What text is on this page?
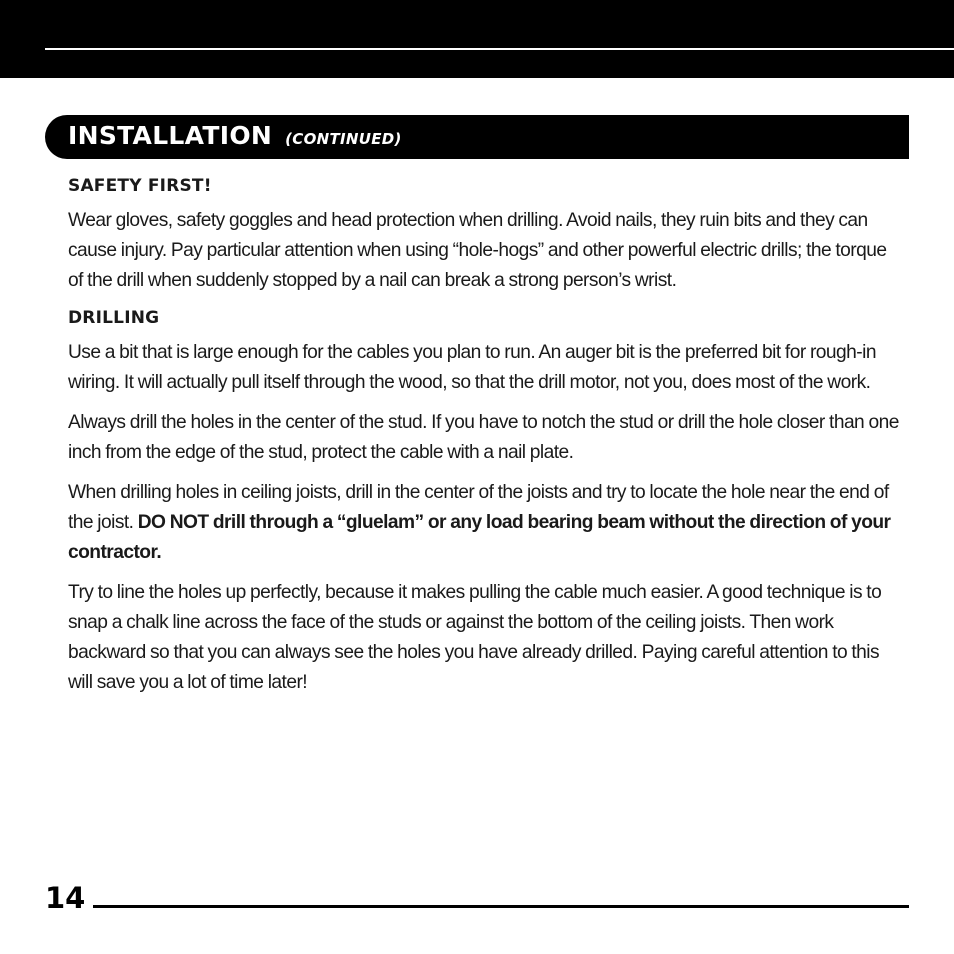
INSTALLATION (CONTINUED)
SAFETY FIRST!

Wear gloves, safety goggles and head protection when drilling. Avoid nails, they ruin bits and they can cause injury. Pay particular attention when using “hole-hogs” and other powerful electric drills; the torque of the drill when suddenly stopped by a nail can break a strong person’s wrist.

DRILLING

Use a bit that is large enough for the cables you plan to run. An auger bit is the preferred bit for rough-in wiring. It will actually pull itself through the wood, so that the drill motor, not you, does most of the work.

Always drill the holes in the center of the stud. If you have to notch the stud or drill the hole closer than one inch from the edge of the stud, protect the cable with a nail plate.

When drilling holes in ceiling joists, drill in the center of the joists and try to locate the hole near the end of the joist. DO NOT drill through a “gluelam” or any load bearing beam without the direction of your contractor.

Try to line the holes up perfectly, because it makes pulling the cable much easier. A good technique is to snap a chalk line across the face of the studs or against the bottom of the ceiling joists. Then work backward so that you can always see the holes you have already drilled. Paying careful attention to this will save you a lot of time later!

14
